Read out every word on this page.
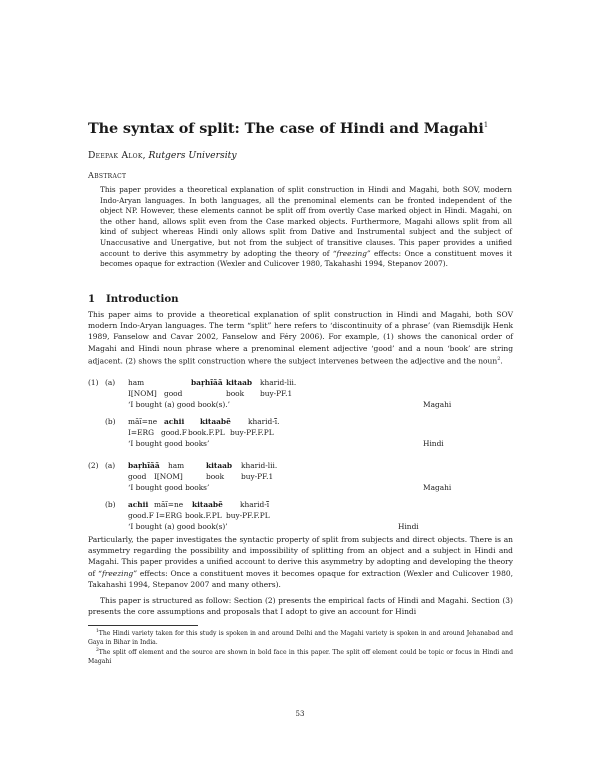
The syntax of split: The case of Hindi and Magahi$^1$
Deepak Alok, Rutgers University
Abstract

This paper provides a theoretical explanation of split construction in Hindi and Magahi, both SOV, modern Indo-Aryan languages. In both languages, all the prenominal elements can be fronted independent of the object NP. However, these elements cannot be split off from overtly Case marked object in Hindi. Magahi, on the other hand, allows split even from the Case marked objects. Furthermore, Magahi allows split from all kind of subject whereas Hindi only allows split from Dative and Instrumental subject and the subject of Unaccusative and Unergative, but not from the subject of transitive clauses. This paper provides a unified account to derive this asymmetry by adopting the theory of “freezing” effects: Once a constituent moves it becomes opaque for extraction (Wexler and Culicover 1980, Takahashi 1994, Stepanov 2007).

1 Introduction

This paper aims to provide a theoretical explanation of split construction in Hindi and Magahi, both SOV modern Indo-Aryan languages. The term “split” here refers to ‘discontinuity of a phrase’ (van Riemsdijk Henk 1989, Fanselow and Cavar 2002, Fanselow and Féry 2006). For example, (1) shows the canonical order of Magahi and Hindi noun phrase where a prenominal element adjective ‘good’ and a noun ‘book’ are string adjacent. (2) shows the split construction where the subject intervenes between the adjective and the noun$^2$.

(1) (a) ham	baṛhĩãã kitaab kharid-lii.
I[NOM] good	book buy-PF.1
‘I bought (a) good book(s).’	Magahi
(b) mãĩ=ne achii kitaabẽ kharid-ĩ̃.
I=ERG good.F book.F.PL buy-PF.F.PL
‘I bought good books’	Hindi
(2) (a) baṛhĩãã ham	kitaab kharid-lii.
good I[NOM]	book buy-PF.1
‘I bought good books’	Magahi
(b) achii mãĩ=ne kitaabẽ kharid-ĩ̃
good.F I=ERG book.F.PL buy-PF.F.PL
‘I bought (a) good book(s)’	Hindi

Particularly, the paper investigates the syntactic property of split from subjects and direct objects. There is an asymmetry regarding the possibility and impossibility of splitting from an object and a subject in Hindi and Magahi. This paper provides a unified account to derive this asymmetry by adopting and developing the theory of “freezing” effects: Once a constituent moves it becomes opaque for extraction (Wexler and Culicover 1980, Takahashi 1994, Stepanov 2007 and many others).

This paper is structured as follow: Section (2) presents the empirical facts of Hindi and Magahi. Section (3) presents the core assumptions and proposals that I adopt to give an account for Hindi

$^1$The Hindi variety taken for this study is spoken in and around Delhi and the Magahi variety is spoken in and around Jehanabad and Gaya in Bihar in India.

$^2$The split off element and the source are shown in bold face in this paper. The split off element could be topic or focus in Hindi and Magahi

53
